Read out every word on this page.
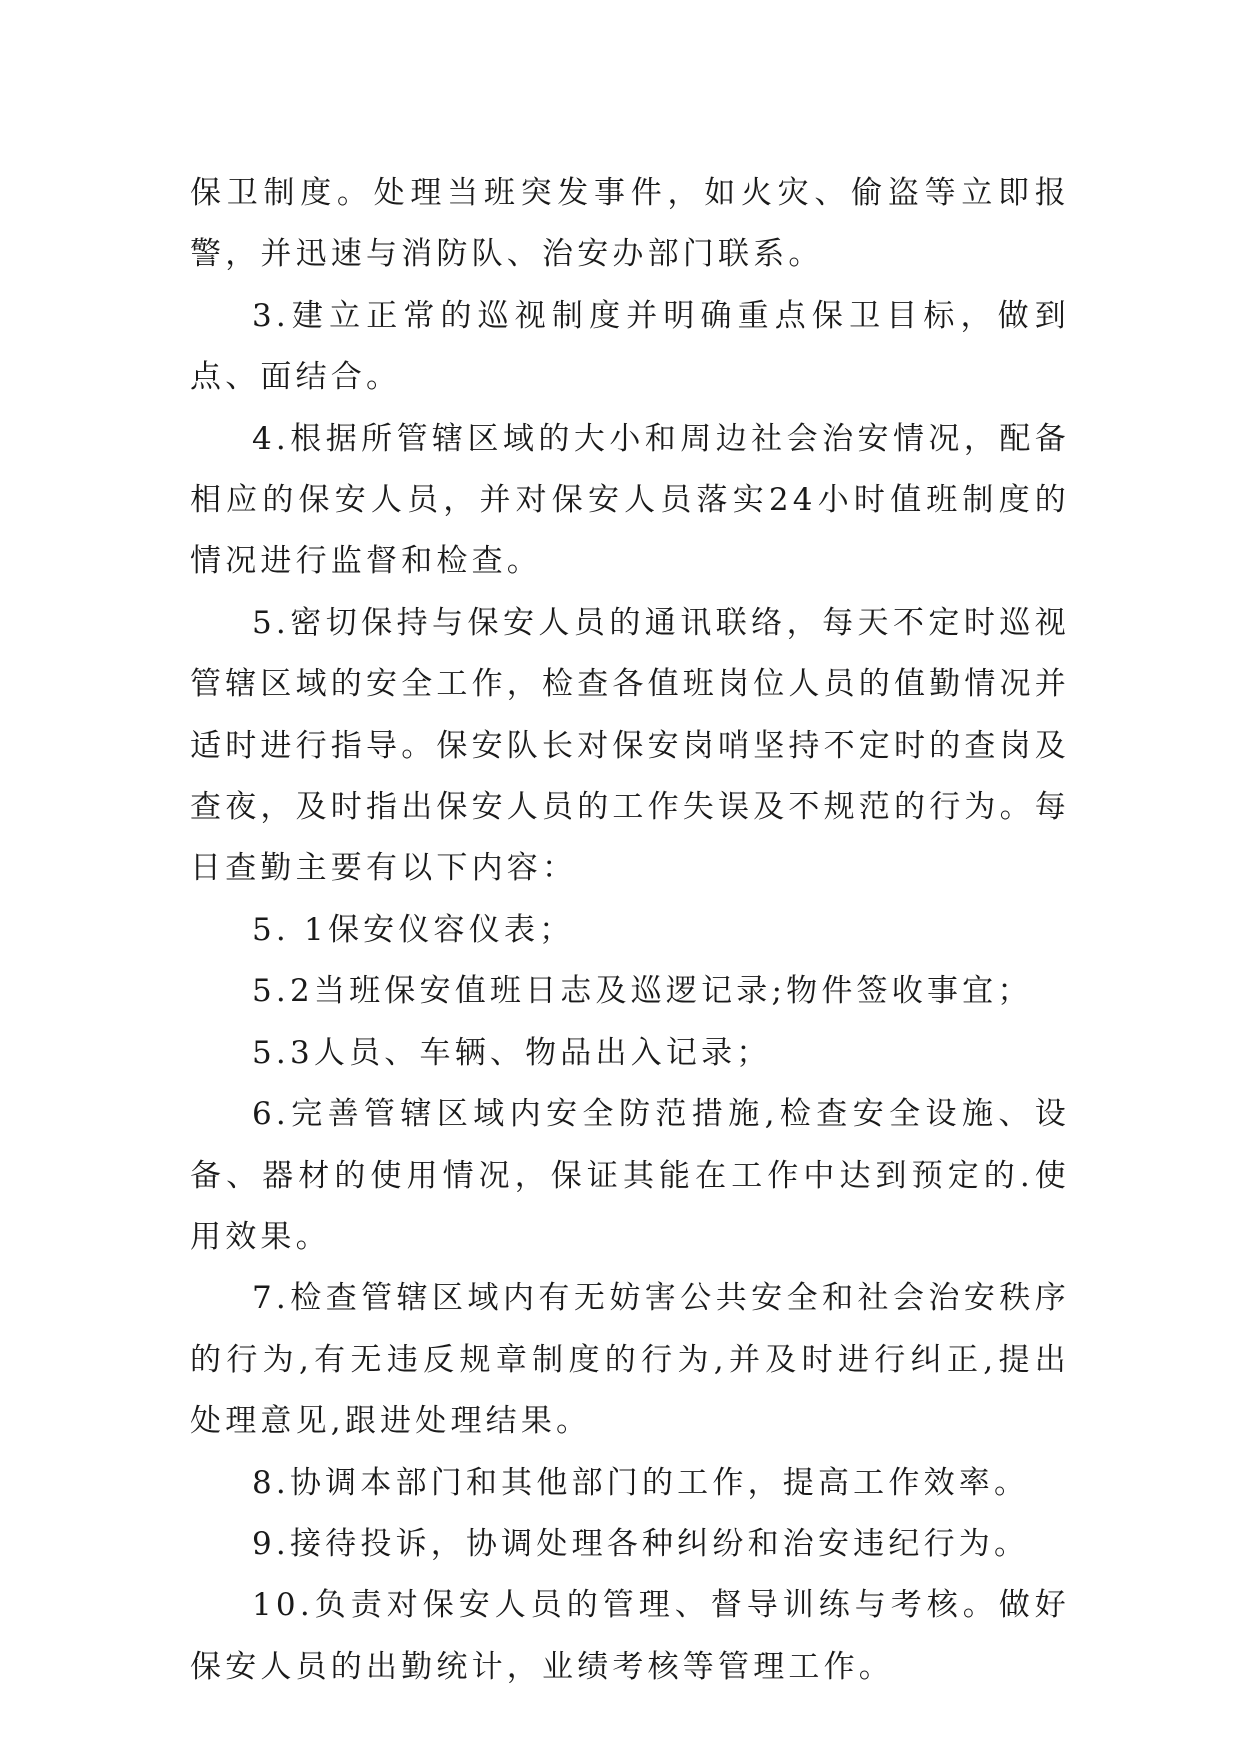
保卫制度。处理当班突发事件，如火灾、偷盗等立即报警，并迅速与消防队、治安办部门联系。

3.建立正常的巡视制度并明确重点保卫目标，做到点、面结合。

4.根据所管辖区域的大小和周边社会治安情况，配备相应的保安人员，并对保安人员落实24小时值班制度的情况进行监督和检查。

5.密切保持与保安人员的通讯联络，每天不定时巡视管辖区域的安全工作，检查各值班岗位人员的值勤情况并适时进行指导。保安队长对保安岗哨坚持不定时的查岗及查夜，及时指出保安人员的工作失误及不规范的行为。每日查勤主要有以下内容：

5. 1保安仪容仪表；

5.2当班保安值班日志及巡逻记录;物件签收事宜；

5.3人员、车辆、物品出入记录；

6.完善管辖区域内安全防范措施,检查安全设施、设备、器材的使用情况，保证其能在工作中达到预定的.使用效果。

7.检查管辖区域内有无妨害公共安全和社会治安秩序的行为,有无违反规章制度的行为,并及时进行纠正,提出处理意见,跟进处理结果。

8.协调本部门和其他部门的工作，提高工作效率。

9.接待投诉，协调处理各种纠纷和治安违纪行为。

10.负责对保安人员的管理、督导训练与考核。做好保安人员的出勤统计，业绩考核等管理工作。
